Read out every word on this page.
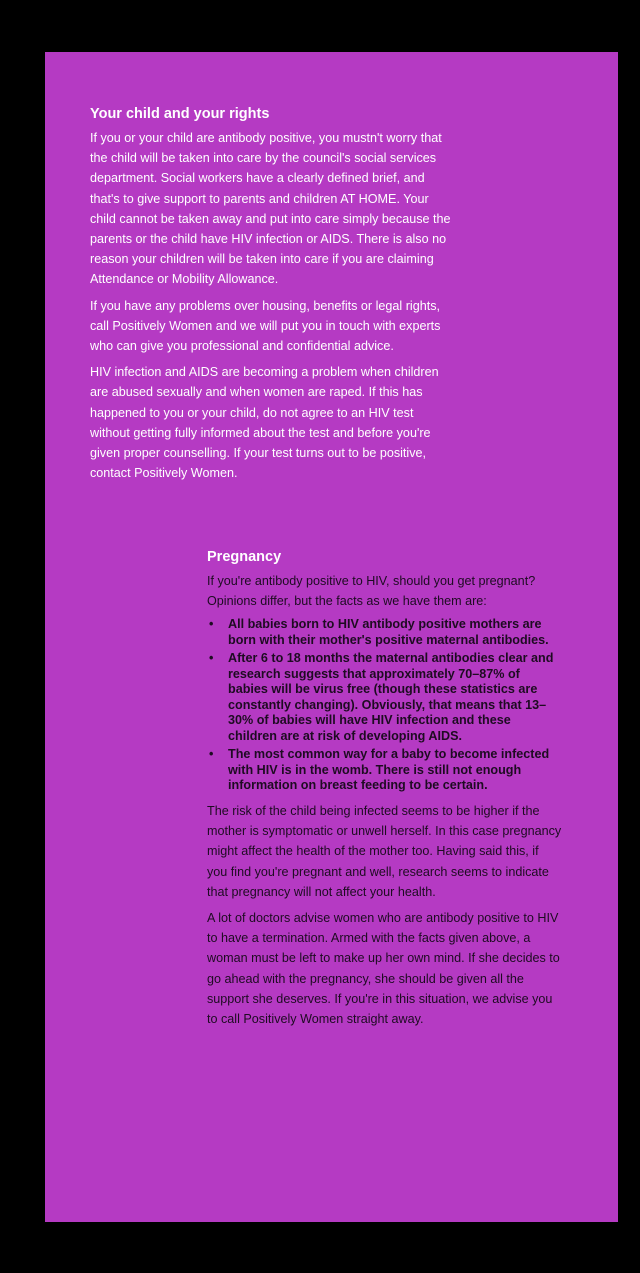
Your child and your rights

If you or your child are antibody positive, you mustn't worry that the child will be taken into care by the council's social services department. Social workers have a clearly defined brief, and that's to give support to parents and children AT HOME. Your child cannot be taken away and put into care simply because the parents or the child have HIV infection or AIDS. There is also no reason your children will be taken into care if you are claiming Attendance or Mobility Allowance.

If you have any problems over housing, benefits or legal rights, call Positively Women and we will put you in touch with experts who can give you professional and confidential advice.

HIV infection and AIDS are becoming a problem when children are abused sexually and when women are raped. If this has happened to you or your child, do not agree to an HIV test without getting fully informed about the test and before you're given proper counselling. If your test turns out to be positive, contact Positively Women.

Pregnancy

If you're antibody positive to HIV, should you get pregnant? Opinions differ, but the facts as we have them are:

• All babies born to HIV antibody positive mothers are born with their mother's positive maternal antibodies.
• After 6 to 18 months the maternal antibodies clear and research suggests that approximately 70–87% of babies will be virus free (though these statistics are constantly changing). Obviously, that means that 13–30% of babies will have HIV infection and these children are at risk of developing AIDS.
• The most common way for a baby to become infected with HIV is in the womb. There is still not enough information on breast feeding to be certain.

The risk of the child being infected seems to be higher if the mother is symptomatic or unwell herself. In this case pregnancy might affect the health of the mother too. Having said this, if you find you're pregnant and well, research seems to indicate that pregnancy will not affect your health.

A lot of doctors advise women who are antibody positive to HIV to have a termination. Armed with the facts given above, a woman must be left to make up her own mind. If she decides to go ahead with the pregnancy, she should be given all the support she deserves. If you're in this situation, we advise you to call Positively Women straight away.
